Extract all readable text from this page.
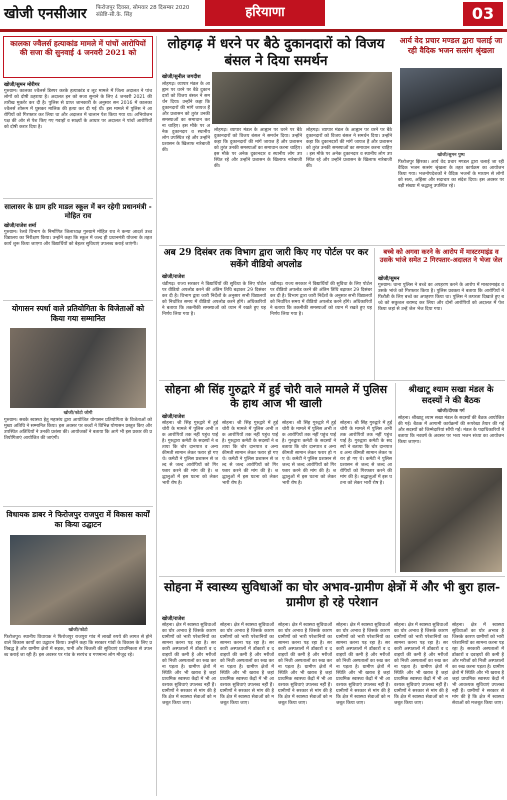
खोजी एनसीआर फिरोजपुर दिवस्त, सोमवार 28 दिसम्बर 2020
संप्रेष्टि-सी.के. सिंह	हरियाणा	03
कालका ज्वैलर्स हत्याकांड मामले में पांचों आरोपियों की सजा की सुनवाई 4 जनवरी 2021 को
खोजी/सुमन मोरीगर
गुरुग्राम। कालका ज्वैलर्स डिस्पर करके हत्याकांड व लूट मामले में जिला अदालत ने पांच लोगों को दोषी ठहराया है। अदालत इन को सजा सुनाने के लिए 4 जनवरी 2021 की तारीख मुकर्रर कर दी है। पुलिस से प्राप्त जानकारी के अनुसार सन 2016 में कालका ज्वैलर्स शोरूम में घुसकर मालिक की हत्या कर दी गई थी। इस मामले में पुलिस ने आरोपियों को गिरफ्तार कर लिया था और अदालत में चालान पेश किया गया था। अभियोजन पक्ष की ओर से पेश किए गए गवाहों व साक्ष्यों के आधार पर अदालत ने पांचों आरोपियों को दोषी करार दिया है।
सालासर के ग्राम हरि माडल स्कूल में बन रहेगी प्रधानमंत्री - मोहित राव
खोजी/राजेश शर्मा
गुरुग्राम। रेलवे विभाग के निर्माणित जिलाध्यक्ष गुरुग्रामे मोहित राव ने कन्या आदर्श उच्च विद्यालय का निरीक्षण किया। उन्होंने कहा कि स्कूल में जल्द ही प्रधानमंत्री योजना के तहत कार्य शुरू किया जाएगा और विद्यार्थियों को बेहतर सुविधाएं उपलब्ध कराई जाएंगी।
योगासन स्पर्धा वाले प्रतियोगिता के विजेताओं को किया गया सम्मानित
खोजी/फोटो जोगी
गुरुग्राम। सबके स्वास्थ्य हेतु महासंघ द्वारा आयोजित योगासन प्रतियोगिता के विजेताओं को मुख्य अतिथि ने सम्मानित किया। इस अवसर पर बच्चों ने विभिन्न योगासन प्रस्तुत किए और उपस्थित अतिथियों ने उनकी प्रशंसा की। आयोजकों ने बताया कि आगे भी इस प्रकार की प्रतियोगिताएं आयोजित की जाएंगी।
विधायक डाबर ने फिरोजपुर राजपुरा में विकास कार्यों का किया उद्घाटन
खोजी/फोटो
फिरोजपुर। स्थानीय विधायक ने फिरोजपुर राजपुरा गांव में लाखों रुपये की लागत से होने वाले विकास कार्यों का उद्घाटन किया। उन्होंने कहा कि सरकार गांवों के विकास के लिए प्रतिबद्ध है और ग्रामीण क्षेत्रों में सड़क, पानी और बिजली की सुविधाएं प्राथमिकता से उपलब्ध कराई जा रही हैं। इस अवसर पर गांव के सरपंच व गणमान्य लोग मौजूद रहे।
लोहगढ़ में धरने पर बैठे दुकानदारों को विजय बंसल ने दिया समर्थन
खोजी/सुनील जगदीश
लोहगढ़। व्यापार मंडल के आह्वान पर धरने पर बैठे दुकानदारों को विजय बंसल ने समर्थन दिया। उन्होंने कहा कि दुकानदारों की मांगें जायज हैं और प्रशासन को तुरंत उनकी समस्याओं का समाधान करना चाहिए। इस मौके पर अनेक दुकानदार व स्थानीय लोग उपस्थित रहे और उन्होंने प्रशासन के खिलाफ नारेबाजी की।
लोहगढ़। व्यापार मंडल के आह्वान पर धरने पर बैठे दुकानदारों को विजय बंसल ने समर्थन दिया। उन्होंने कहा कि दुकानदारों की मांगें जायज हैं और प्रशासन को तुरंत उनकी समस्याओं का समाधान करना चाहिए। इस मौके पर अनेक दुकानदार व स्थानीय लोग उपस्थित रहे और उन्होंने प्रशासन के खिलाफ नारेबाजी की।
लोहगढ़। व्यापार मंडल के आह्वान पर धरने पर बैठे दुकानदारों को विजय बंसल ने समर्थन दिया। उन्होंने कहा कि दुकानदारों की मांगें जायज हैं और प्रशासन को तुरंत उनकी समस्याओं का समाधान करना चाहिए। इस मौके पर अनेक दुकानदार व स्थानीय लोग उपस्थित रहे और उन्होंने प्रशासन के खिलाफ नारेबाजी की।
आर्य वेद प्रचार मण्डल द्वारा चलाई जा रही वैदिक भजन सत्संग श्रृंखला
खोजी/सुमन पुष्प
फिरोजपुर झिरका। आर्य वेद प्रचार मण्डल द्वारा चलाई जा रही वैदिक भजन सत्संग श्रृंखला के तहत कार्यक्रम का आयोजन किया गया। भजनोपदेशकों ने वैदिक भजनों के माध्यम से लोगों को सत्य, अहिंसा और सदाचार का संदेश दिया। इस अवसर पर बड़ी संख्या में श्रद्धालु उपस्थित रहे।
अब 29 दिसंबर तक विभाग द्वारा जारी किए गए पोर्टल पर कर सकेंगे वीडियो अपलोड
खोजी/राजेश
चंडीगढ़। राज्य सरकार ने विद्यार्थियों की सुविधा के लिए पोर्टल पर वीडियो अपलोड करने की अंतिम तिथि बढ़ाकर 29 दिसंबर कर दी है। विभाग द्वारा जारी निर्देशों के अनुसार सभी विद्यालयों को निर्धारित समय में वीडियो अपलोड करने होंगे। अधिकारियों ने बताया कि तकनीकी समस्याओं को ध्यान में रखते हुए यह निर्णय लिया गया है।
चंडीगढ़। राज्य सरकार ने विद्यार्थियों की सुविधा के लिए पोर्टल पर वीडियो अपलोड करने की अंतिम तिथि बढ़ाकर 29 दिसंबर कर दी है। विभाग द्वारा जारी निर्देशों के अनुसार सभी विद्यालयों को निर्धारित समय में वीडियो अपलोड करने होंगे। अधिकारियों ने बताया कि तकनीकी समस्याओं को ध्यान में रखते हुए यह निर्णय लिया गया है।
बच्चे को अगवा करने के आरोप में मास्टरमाइंड व उसके भांजे समेत 2 गिरफ्तार-अदालत ने भेजा जेल
खोजी/सुमन
गुरुग्राम। थाना पुलिस ने बच्चे का अपहरण करने के आरोप में मास्टरमाइंड व उसके भांजे को गिरफ्तार किया है। पुलिस प्रवक्ता ने बताया कि आरोपियों ने फिरौती के लिए बच्चे का अपहरण किया था। पुलिस ने तत्परता दिखाते हुए बच्चे को सकुशल बरामद कर लिया और दोनों आरोपियों को अदालत में पेश किया जहां से उन्हें जेल भेज दिया गया।
सोहना श्री सिंह गुरुद्वारे में हुई चोरी वाले मामले में पुलिस के हाथ आज भी खाली
खोजी/राजेश
सोहना। श्री सिंह गुरुद्वारे में हुई चोरी के मामले में पुलिस अभी तक आरोपियों तक नहीं पहुंच पाई है। गुरुद्वारा कमेटी के सदस्यों ने बताया कि चोर दानपात्र व अन्य कीमती सामान लेकर फरार हो गए थे। कमेटी ने पुलिस प्रशासन से जल्द से जल्द आरोपियों को गिरफ्तार करने की मांग की है। श्रद्धालुओं में इस घटना को लेकर भारी रोष है।
सोहना। श्री सिंह गुरुद्वारे में हुई चोरी के मामले में पुलिस अभी तक आरोपियों तक नहीं पहुंच पाई है। गुरुद्वारा कमेटी के सदस्यों ने बताया कि चोर दानपात्र व अन्य कीमती सामान लेकर फरार हो गए थे। कमेटी ने पुलिस प्रशासन से जल्द से जल्द आरोपियों को गिरफ्तार करने की मांग की है। श्रद्धालुओं में इस घटना को लेकर भारी रोष है।
सोहना। श्री सिंह गुरुद्वारे में हुई चोरी के मामले में पुलिस अभी तक आरोपियों तक नहीं पहुंच पाई है। गुरुद्वारा कमेटी के सदस्यों ने बताया कि चोर दानपात्र व अन्य कीमती सामान लेकर फरार हो गए थे। कमेटी ने पुलिस प्रशासन से जल्द से जल्द आरोपियों को गिरफ्तार करने की मांग की है। श्रद्धालुओं में इस घटना को लेकर भारी रोष है।
सोहना। श्री सिंह गुरुद्वारे में हुई चोरी के मामले में पुलिस अभी तक आरोपियों तक नहीं पहुंच पाई है। गुरुद्वारा कमेटी के सदस्यों ने बताया कि चोर दानपात्र व अन्य कीमती सामान लेकर फरार हो गए थे। कमेटी ने पुलिस प्रशासन से जल्द से जल्द आरोपियों को गिरफ्तार करने की मांग की है। श्रद्धालुओं में इस घटना को लेकर भारी रोष है।
श्रीखाटू श्याम सखा मंडल के सदस्यों ने की बैठक
खोजी/दीपक गर्ग
सोहना। श्रीखाटू श्याम सखा मंडल के सदस्यों की बैठक आयोजित की गई। बैठक में आगामी कार्यक्रमों की रूपरेखा तैयार की गई और सदस्यों को जिम्मेदारियां सौंपी गईं। मंडल के पदाधिकारियों ने बताया कि नववर्ष के अवसर पर भव्य भजन संध्या का आयोजन किया जाएगा।
सोहना में स्वास्थ्य सुविधाओं का घोर अभाव-ग्रामीण क्षेत्रों में और भी बुरा हाल-ग्रामीण हो रहे परेशान
खोजी/राजेश
सोहना। क्षेत्र में स्वास्थ्य सुविधाओं का घोर अभाव है जिसके कारण ग्रामीणों को भारी परेशानियों का सामना करना पड़ रहा है। सरकारी अस्पतालों में डॉक्टरों व दवाइयों की कमी है और मरीजों को निजी अस्पतालों का रुख करना पड़ता है। ग्रामीण क्षेत्रों में स्थिति और भी खराब है जहां प्राथमिक स्वास्थ्य केंद्रों में भी आवश्यक सुविधाएं उपलब्ध नहीं हैं। ग्रामीणों ने सरकार से मांग की है कि क्षेत्र में स्वास्थ्य सेवाओं को मजबूत किया जाए।
सोहना। क्षेत्र में स्वास्थ्य सुविधाओं का घोर अभाव है जिसके कारण ग्रामीणों को भारी परेशानियों का सामना करना पड़ रहा है। सरकारी अस्पतालों में डॉक्टरों व दवाइयों की कमी है और मरीजों को निजी अस्पतालों का रुख करना पड़ता है। ग्रामीण क्षेत्रों में स्थिति और भी खराब है जहां प्राथमिक स्वास्थ्य केंद्रों में भी आवश्यक सुविधाएं उपलब्ध नहीं हैं। ग्रामीणों ने सरकार से मांग की है कि क्षेत्र में स्वास्थ्य सेवाओं को मजबूत किया जाए।
सोहना। क्षेत्र में स्वास्थ्य सुविधाओं का घोर अभाव है जिसके कारण ग्रामीणों को भारी परेशानियों का सामना करना पड़ रहा है। सरकारी अस्पतालों में डॉक्टरों व दवाइयों की कमी है और मरीजों को निजी अस्पतालों का रुख करना पड़ता है। ग्रामीण क्षेत्रों में स्थिति और भी खराब है जहां प्राथमिक स्वास्थ्य केंद्रों में भी आवश्यक सुविधाएं उपलब्ध नहीं हैं। ग्रामीणों ने सरकार से मांग की है कि क्षेत्र में स्वास्थ्य सेवाओं को मजबूत किया जाए।
सोहना। क्षेत्र में स्वास्थ्य सुविधाओं का घोर अभाव है जिसके कारण ग्रामीणों को भारी परेशानियों का सामना करना पड़ रहा है। सरकारी अस्पतालों में डॉक्टरों व दवाइयों की कमी है और मरीजों को निजी अस्पतालों का रुख करना पड़ता है। ग्रामीण क्षेत्रों में स्थिति और भी खराब है जहां प्राथमिक स्वास्थ्य केंद्रों में भी आवश्यक सुविधाएं उपलब्ध नहीं हैं। ग्रामीणों ने सरकार से मांग की है कि क्षेत्र में स्वास्थ्य सेवाओं को मजबूत किया जाए।
सोहना। क्षेत्र में स्वास्थ्य सुविधाओं का घोर अभाव है जिसके कारण ग्रामीणों को भारी परेशानियों का सामना करना पड़ रहा है। सरकारी अस्पतालों में डॉक्टरों व दवाइयों की कमी है और मरीजों को निजी अस्पतालों का रुख करना पड़ता है। ग्रामीण क्षेत्रों में स्थिति और भी खराब है जहां प्राथमिक स्वास्थ्य केंद्रों में भी आवश्यक सुविधाएं उपलब्ध नहीं हैं। ग्रामीणों ने सरकार से मांग की है कि क्षेत्र में स्वास्थ्य सेवाओं को मजबूत किया जाए।
सोहना। क्षेत्र में स्वास्थ्य सुविधाओं का घोर अभाव है जिसके कारण ग्रामीणों को भारी परेशानियों का सामना करना पड़ रहा है। सरकारी अस्पतालों में डॉक्टरों व दवाइयों की कमी है और मरीजों को निजी अस्पतालों का रुख करना पड़ता है। ग्रामीण क्षेत्रों में स्थिति और भी खराब है जहां प्राथमिक स्वास्थ्य केंद्रों में भी आवश्यक सुविधाएं उपलब्ध नहीं हैं। ग्रामीणों ने सरकार से मांग की है कि क्षेत्र में स्वास्थ्य सेवाओं को मजबूत किया जाए।
